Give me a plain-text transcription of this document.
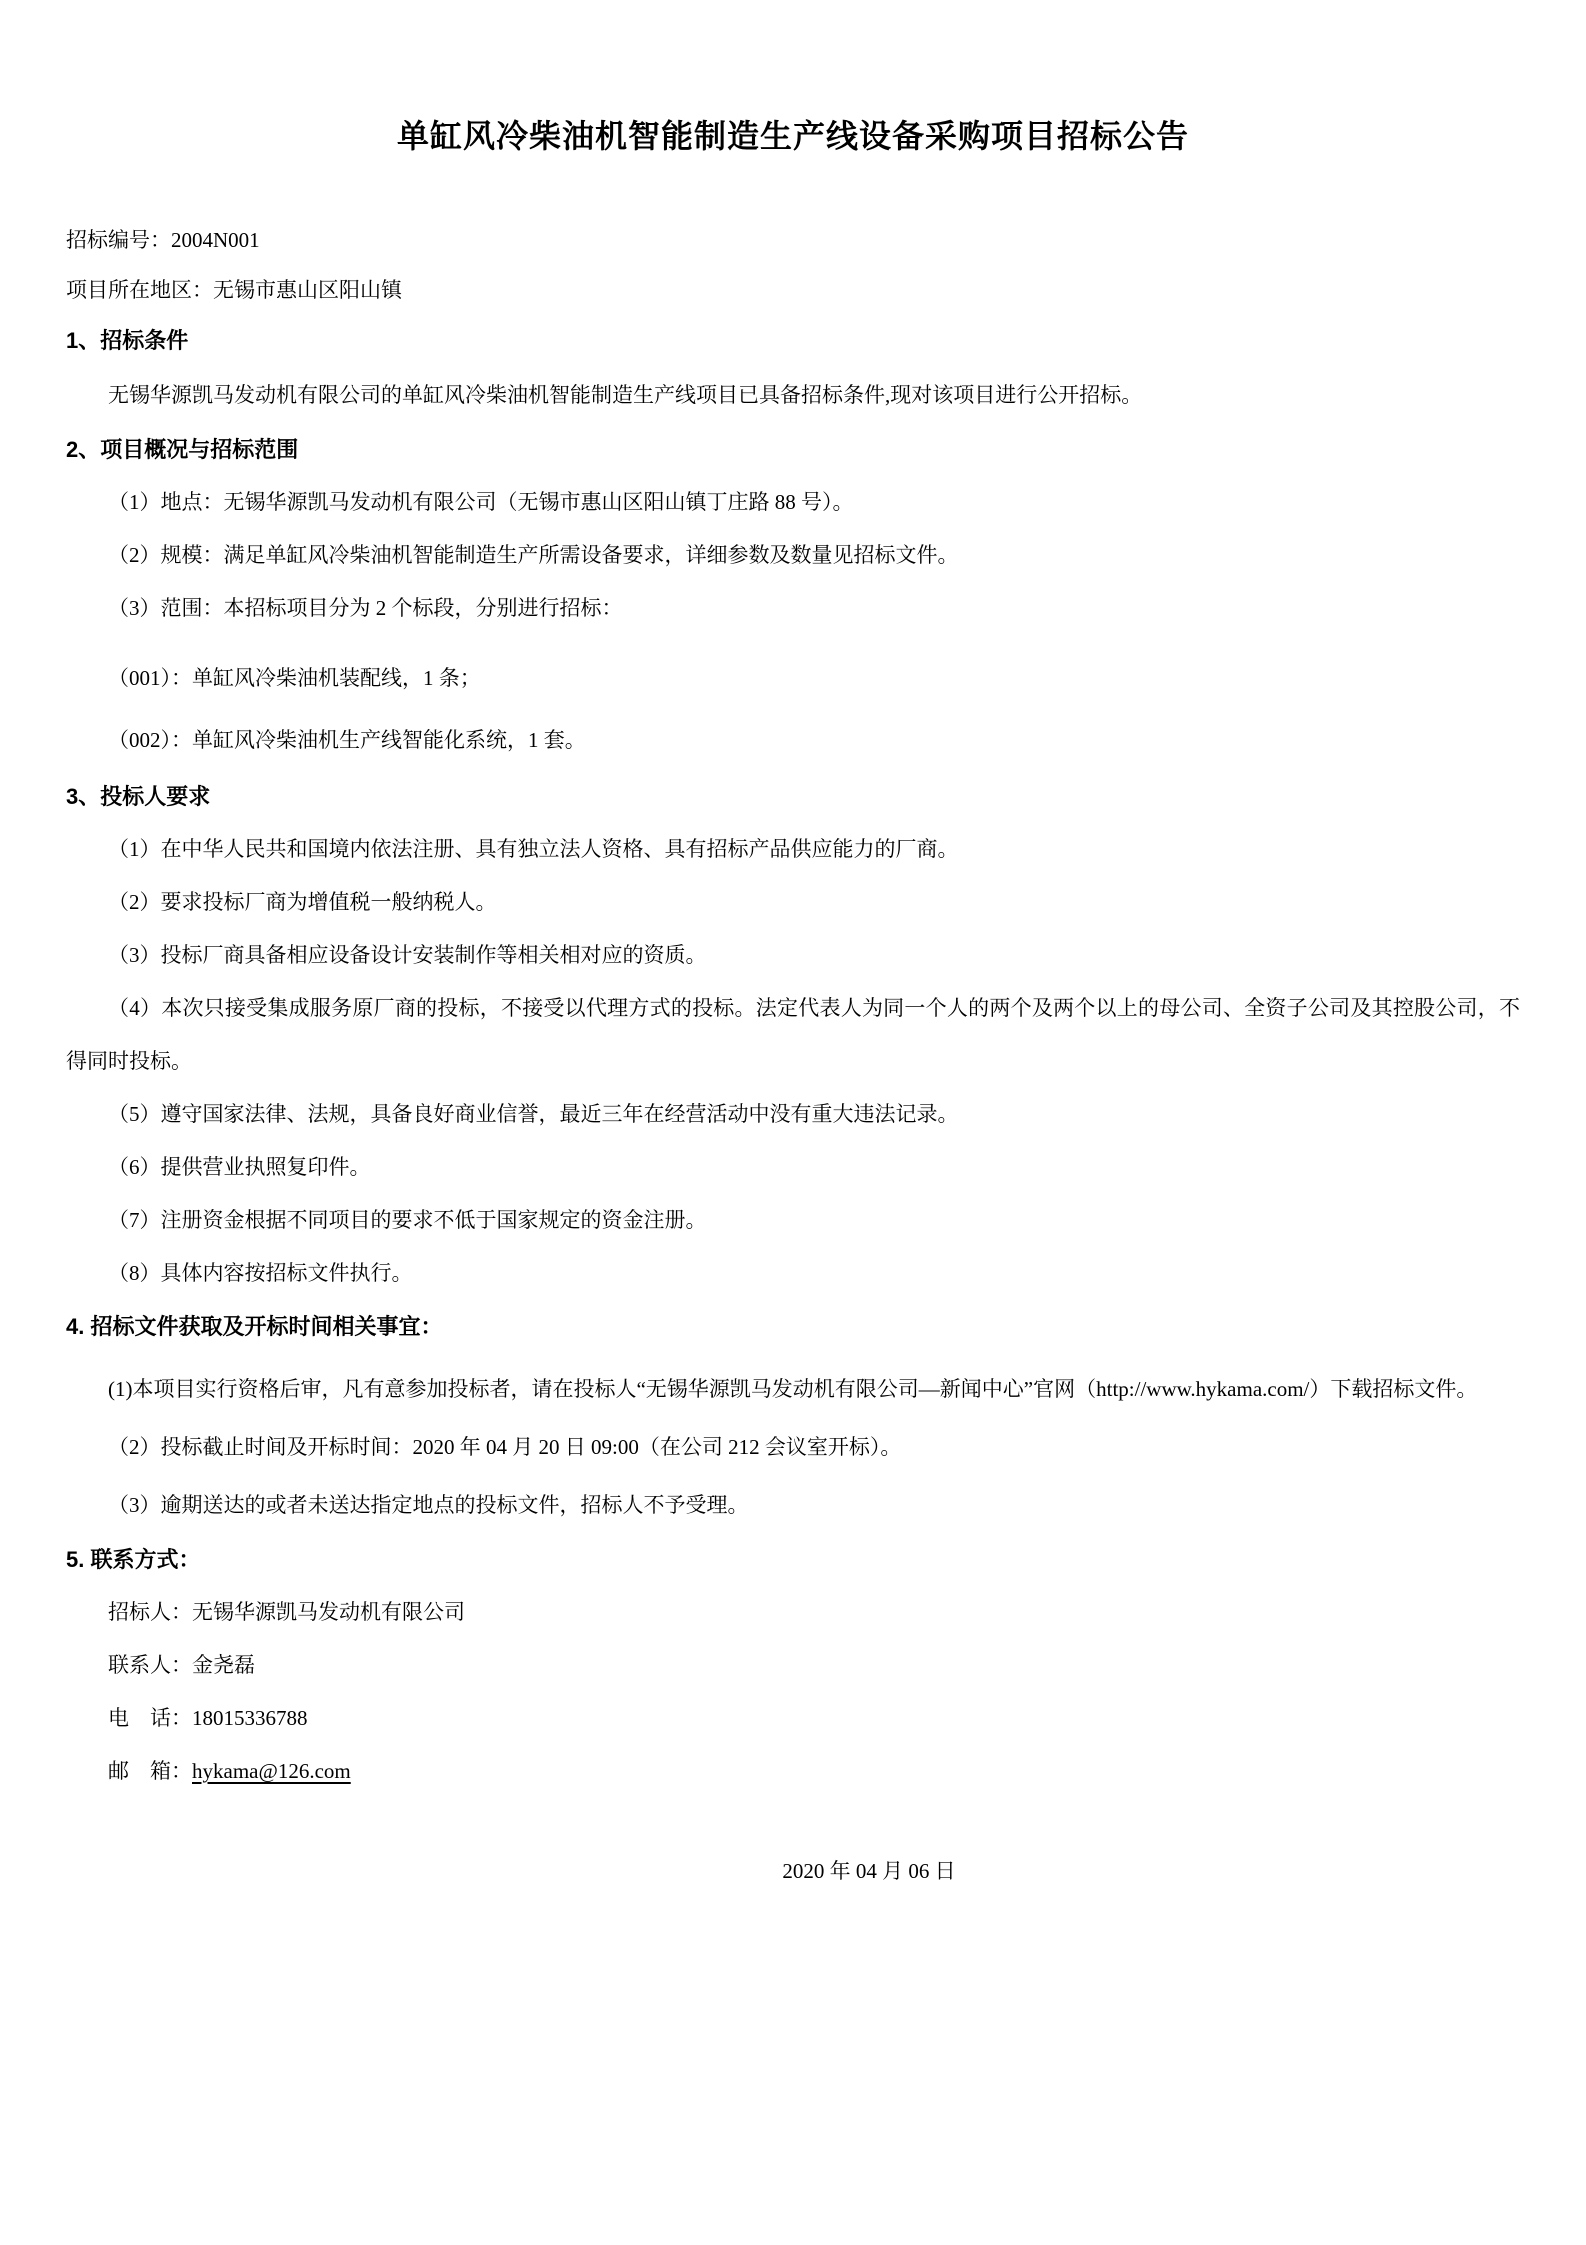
单缸风冷柴油机智能制造生产线设备采购项目招标公告

招标编号：2004N001

项目所在地区：无锡市惠山区阳山镇

1、招标条件

无锡华源凯马发动机有限公司的单缸风冷柴油机智能制造生产线项目已具备招标条件,现对该项目进行公开招标。

2、项目概况与招标范围

（1）地点：无锡华源凯马发动机有限公司（无锡市惠山区阳山镇丁庄路 88 号）。

（2）规模：满足单缸风冷柴油机智能制造生产所需设备要求，详细参数及数量见招标文件。

（3）范围：本招标项目分为 2 个标段，分别进行招标：

（001）：单缸风冷柴油机装配线，1 条；

（002）：单缸风冷柴油机生产线智能化系统，1 套。

3、投标人要求

（1）在中华人民共和国境内依法注册、具有独立法人资格、具有招标产品供应能力的厂商。

（2）要求投标厂商为增值税一般纳税人。

（3）投标厂商具备相应设备设计安装制作等相关相对应的资质。

（4）本次只接受集成服务原厂商的投标，不接受以代理方式的投标。法定代表人为同一个人的两个及两个以上的母公司、全资子公司及其控股公司，不得同时投标。

（5）遵守国家法律、法规，具备良好商业信誉，最近三年在经营活动中没有重大违法记录。

（6）提供营业执照复印件。

（7）注册资金根据不同项目的要求不低于国家规定的资金注册。

（8）具体内容按招标文件执行。

4. 招标文件获取及开标时间相关事宜：

(1)本项目实行资格后审，凡有意参加投标者，请在投标人“无锡华源凯马发动机有限公司—新闻中心”官网（http://www.hykama.com/）下载招标文件。

（2）投标截止时间及开标时间：2020 年 04 月 20 日 09:00（在公司 212 会议室开标）。

（3）逾期送达的或者未送达指定地点的投标文件，招标人不予受理。

5. 联系方式：

招标人：无锡华源凯马发动机有限公司

联系人：金尧磊

电　话：18015336788

邮　箱：hykama@126.com

2020 年 04 月 06 日
